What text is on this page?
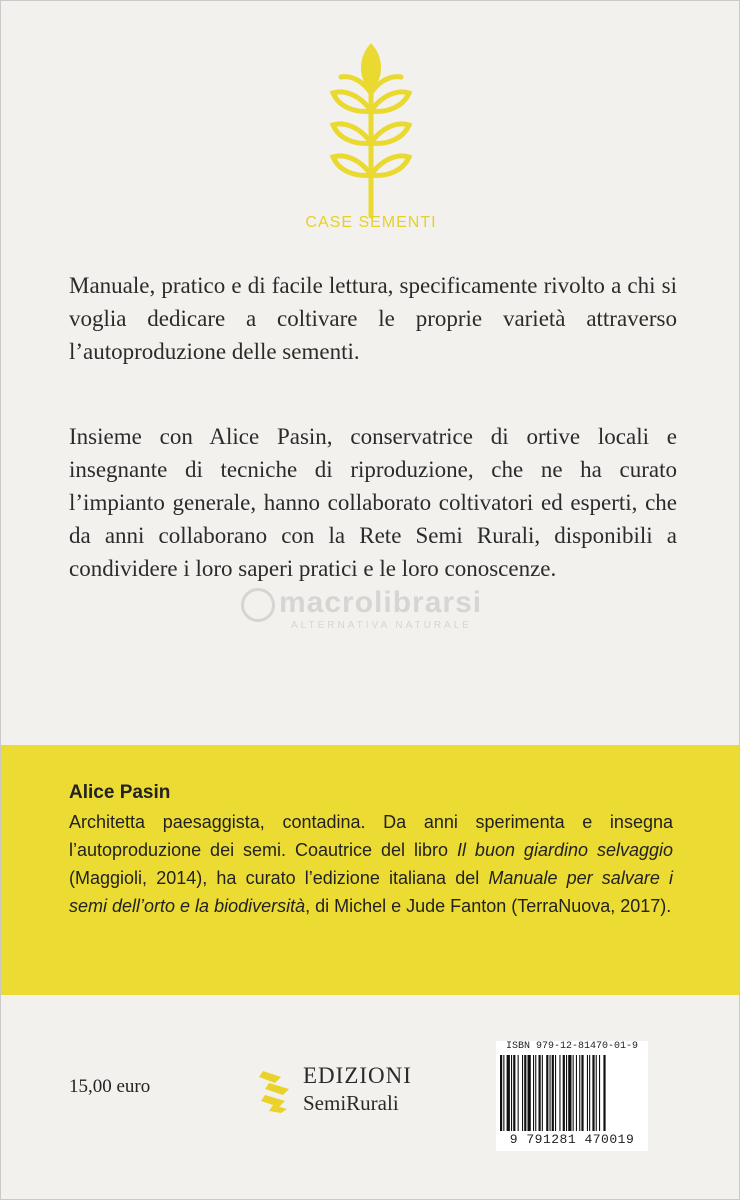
CASE SEMENTI
Manuale, pratico e di facile lettura, specificamente rivolto a chi si voglia dedicare a coltivare le proprie varietà attraverso l’autoproduzione delle sementi.
Insieme con Alice Pasin, conservatrice di ortive locali e insegnante di tecniche di riproduzione, che ne ha curato l’impianto generale, hanno collaborato coltivatori ed esperti, che da anni collaborano con la Rete Semi Rurali, disponibili a condividere i loro saperi pratici e le loro conoscenze.
macrolibrarsi
ALTERNATIVA NATURALE
Alice Pasin
Architetta paesaggista, contadina. Da anni sperimenta e insegna l’autoproduzione dei semi. Coautrice del libro Il buon giardino selvaggio (Maggioli, 2014), ha curato l’edizione italiana del Manuale per salvare i semi dell’orto e la biodiversità, di Michel e Jude Fanton (TerraNuova, 2017).
15,00 euro	EDIZIONI
SemiRurali
ISBN 979-12-81470-01-9
9 791281 470019
